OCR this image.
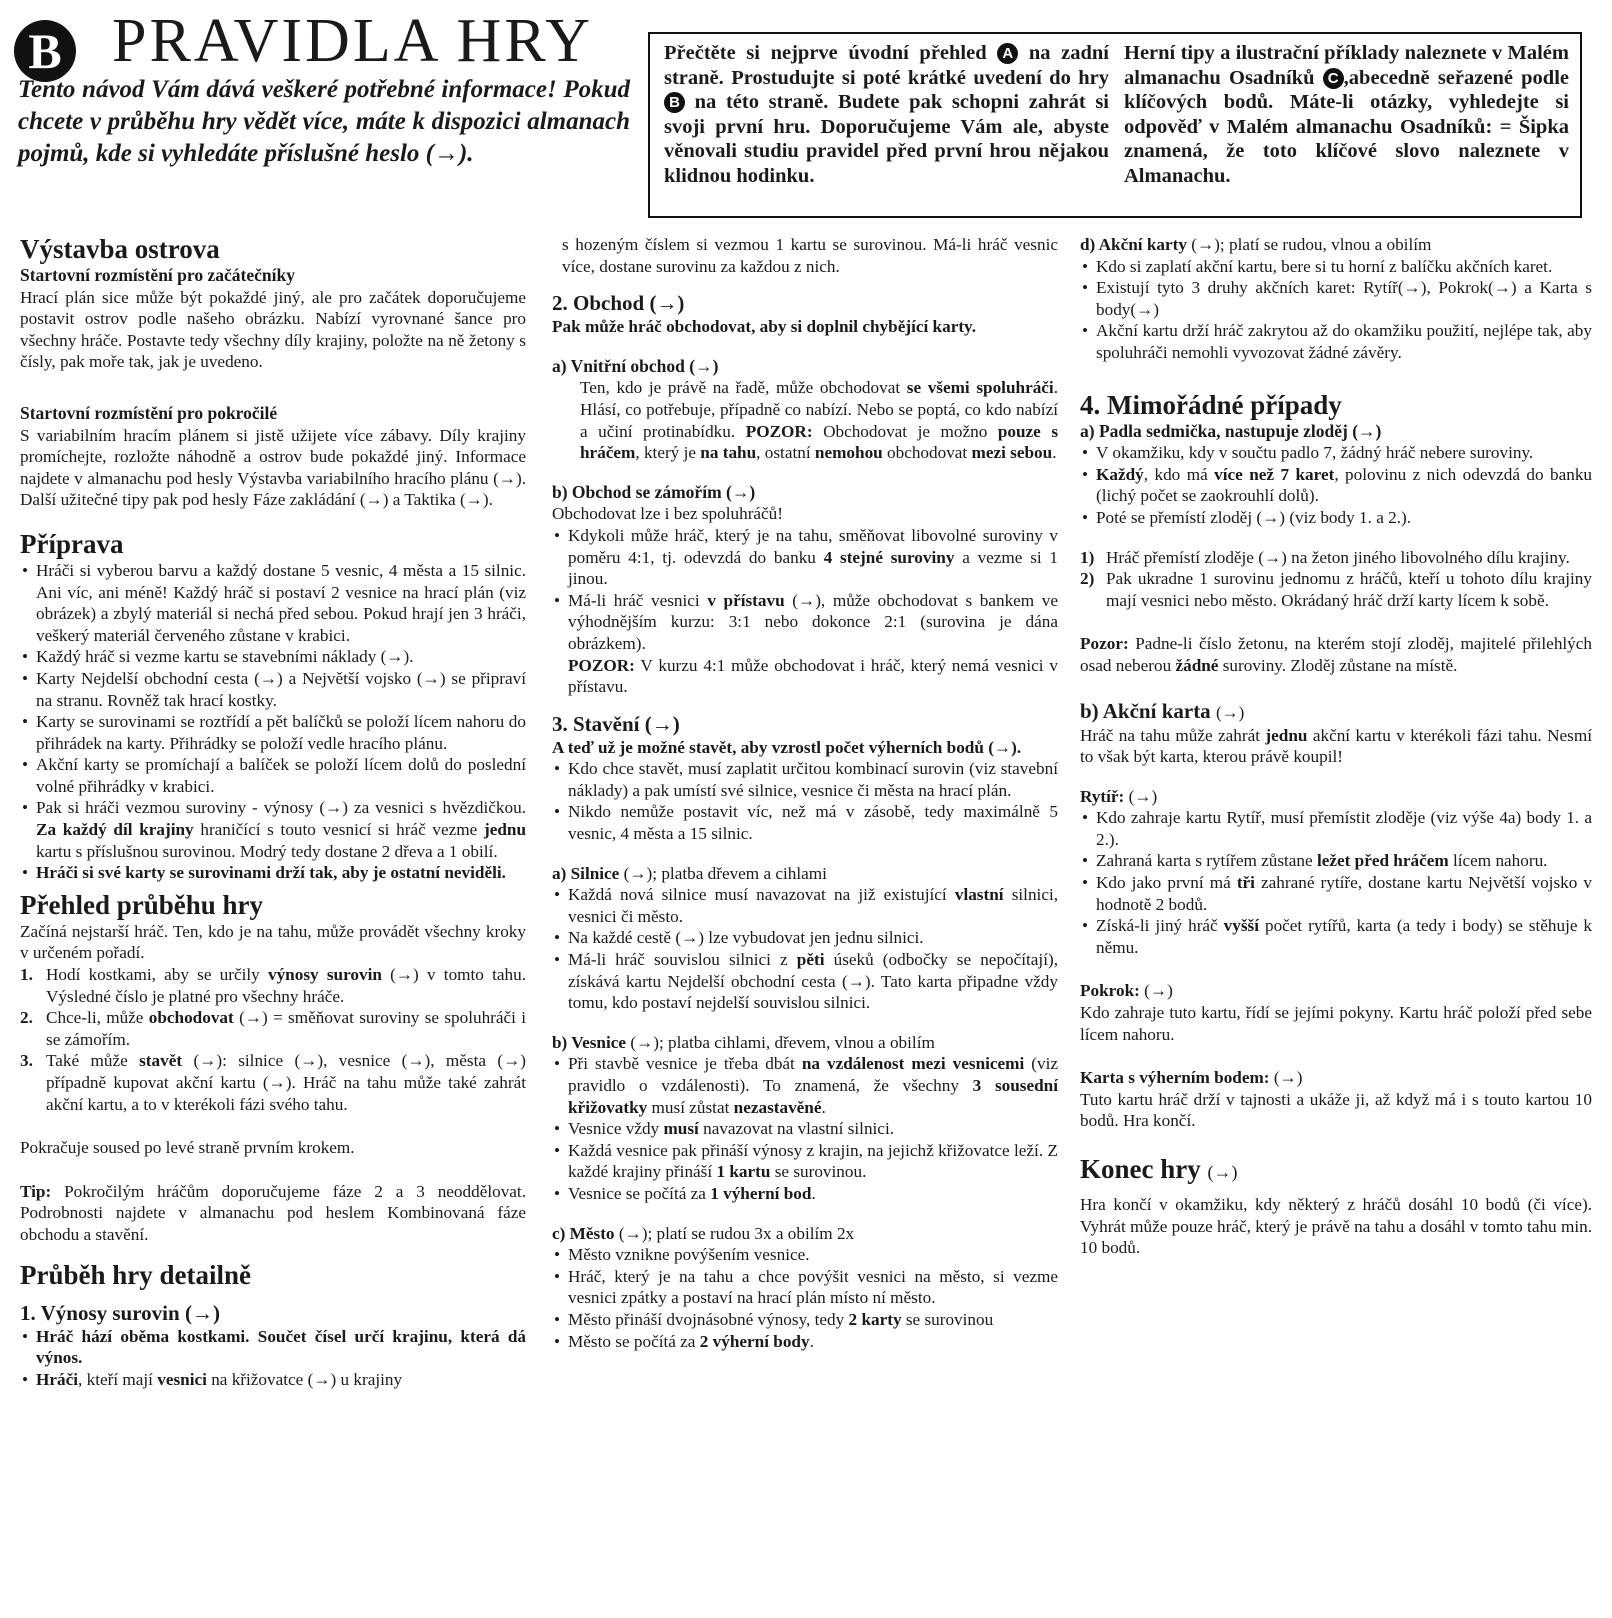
B PRAVIDLA HRY

Tento návod Vám dává veškeré potřebné informace! Pokud chcete v průběhu hry vědět více, máte k dispozici almanach pojmů, kde si vyhledáte příslušné heslo (→).

Přečtěte si nejprve úvodní přehled A na zadní straně. Prostudujte si poté krátké uvedení do hry B na této straně. Budete pak schopni zahrát si svoji první hru. Doporučujeme Vám ale, abyste věnovali studiu pravidel před první hrou nějakou klidnou hodinku.
Herní tipy a ilustrační příklady naleznete v Malém almanachu Osadníků C ,abecedně seřazené podle klíčových bodů. Máte-li otázky, vyhledejte si odpověď v Malém almanachu Osadníků: = Šipka znamená, že toto klíčové slovo naleznete v Almanachu.
Výstavba ostrova

Startovní rozmístění pro začátečníky

Hrací plán sice může být pokaždé jiný, ale pro začátek doporučujeme postavit ostrov podle našeho obrázku. Nabízí vyrovnané šance pro všechny hráče. Postavte tedy všechny díly krajiny, položte na ně žetony s čísly, pak moře tak, jak je uvedeno.

Startovní rozmístění pro pokročilé

S variabilním hracím plánem si jistě užijete více zábavy. Díly krajiny promíchejte, rozložte náhodně a ostrov bude pokaždé jiný. Informace najdete v almanachu pod hesly Výstavba variabilního hracího plánu (→). Další užitečné tipy pak pod hesly Fáze zakládání (→) a Taktika (→).

Příprava
• Hráči si vyberou barvu a každý dostane 5 vesnic, 4 města a 15 silnic. Ani víc, ani méně! Každý hráč si postaví 2 vesnice na hrací plán (viz obrázek) a zbylý materiál si nechá před sebou. Pokud hrají jen 3 hráči, veškerý materiál červeného zůstane v krabici.
• Každý hráč si vezme kartu se stavebními náklady (→).
• Karty Nejdelší obchodní cesta (→) a Největší vojsko (→) se připraví na stranu. Rovněž tak hrací kostky.
• Karty se surovinami se roztřídí a pět balíčků se položí lícem nahoru do přihrádek na karty. Přihrádky se položí vedle hracího plánu.
• Akční karty se promíchají a balíček se položí lícem dolů do poslední volné přihrádky v krabici.
• Pak si hráči vezmou suroviny - výnosy (→) za vesnici s hvězdičkou. Za každý díl krajiny hraničící s touto vesnicí si hráč vezme jednu kartu s příslušnou surovinou. Modrý tedy dostane 2 dřeva a 1 obilí.
• Hráči si své karty se surovinami drží tak, aby je ostatní neviděli.
Přehled průběhu hry

Začíná nejstarší hráč. Ten, kdo je na tahu, může provádět všechny kroky v určeném pořadí.

1. Hodí kostkami, aby se určily výnosy surovin (→) v tomto tahu. Výsledné číslo je platné pro všechny hráče.
2. Chce-li, může obchodovat (→) = směňovat suroviny se spoluhráči i se zámořím.
3. Také může stavět (→): silnice (→), vesnice (→), města (→) případně kupovat akční kartu (→). Hráč na tahu může také zahrát akční kartu, a to v kterékoli fázi svého tahu.

Pokračuje soused po levé straně prvním krokem.

Tip: Pokročilým hráčům doporučujeme fáze 2 a 3 neoddělovat. Podrobnosti najdete v almanachu pod heslem Kombinovaná fáze obchodu a stavění.

Průběh hry detailně
1. Výnosy surovin (→)
• Hráč hází oběma kostkami. Součet čísel určí krajinu, která dá výnos.
• Hráči, kteří mají vesnici na křižovatce (→) u krajiny

s hozeným číslem si vezmou 1 kartu se surovinou. Má-li hráč vesnic více, dostane surovinu za každou z nich.

2. Obchod (→)

Pak může hráč obchodovat, aby si doplnil chybějící karty.

a) Vnitřní obchod (→)

Ten, kdo je právě na řadě, může obchodovat se všemi spoluhráči. Hlásí, co potřebuje, případně co nabízí. Nebo se poptá, co kdo nabízí a učiní protinabídku. POZOR: Obchodovat je možno pouze s hráčem, který je na tahu, ostatní nemohou obchodovat mezi sebou.

b) Obchod se zámořím (→)

Obchodovat lze i bez spoluhráčů!

• Kdykoli může hráč, který je na tahu, směňovat libovolné suroviny v poměru 4:1, tj. odevzdá do banku 4 stejné suroviny a vezme si 1 jinou.
• Má-li hráč vesnici v přístavu (→), může obchodovat s bankem ve výhodnějším kurzu: 3:1 nebo dokonce 2:1 (surovina je dána obrázkem).

POZOR: V kurzu 4:1 může obchodovat i hráč, který nemá vesnici v přístavu.

3. Stavění (→)

A teď už je možné stavět, aby vzrostl počet výherních bodů (→).

• Kdo chce stavět, musí zaplatit určitou kombinací surovin (viz stavební náklady) a pak umístí své silnice, vesnice či města na hrací plán.
• Nikdo nemůže postavit víc, než má v zásobě, tedy maximálně 5 vesnic, 4 města a 15 silnic.

a) Silnice (→); platba dřevem a cihlami

• Každá nová silnice musí navazovat na již existující vlastní silnici, vesnici či město.
• Na každé cestě (→) lze vybudovat jen jednu silnici.
• Má-li hráč souvislou silnici z pěti úseků (odbočky se nepočítají), získává kartu Nejdelší obchodní cesta (→). Tato karta připadne vždy tomu, kdo postaví nejdelší souvislou silnici.

b) Vesnice (→); platba cihlami, dřevem, vlnou a obilím

• Při stavbě vesnice je třeba dbát na vzdálenost mezi vesnicemi (viz pravidlo o vzdálenosti). To znamená, že všechny 3 sousední křižovatky musí zůstat nezastavěné.
• Vesnice vždy musí navazovat na vlastní silnici.
• Každá vesnice pak přináší výnosy z krajin, na jejichž křižovatce leží. Z každé krajiny přináší 1 kartu se surovinou.
• Vesnice se počítá za 1 výherní bod.

c) Město (→); platí se rudou 3x a obilím 2x

• Město vznikne povýšením vesnice.
• Hráč, který je na tahu a chce povýšit vesnici na město, si vezme vesnici zpátky a postaví na hrací plán místo ní město.
• Město přináší dvojnásobné výnosy, tedy 2 karty se surovinou
• Město se počítá za 2 výherní body.

d) Akční karty (→); platí se rudou, vlnou a obilím

• Kdo si zaplatí akční kartu, bere si tu horní z balíčku akčních karet.
• Existují tyto 3 druhy akčních karet: Rytíř(→), Pokrok(→) a Karta s body(→)
• Akční kartu drží hráč zakrytou až do okamžiku použití, nejlépe tak, aby spoluhráči nemohli vyvozovat žádné závěry.
4. Mimořádné případy

a) Padla sedmička, nastupuje zloděj (→)

• V okamžiku, kdy v součtu padlo 7, žádný hráč nebere suroviny.
• Každý, kdo má více než 7 karet, polovinu z nich odevzdá do banku (lichý počet se zaokrouhlí dolů).
• Poté se přemístí zloděj (→) (viz body 1. a 2.).
1) Hráč přemístí zloděje (→) na žeton jiného libovolného dílu krajiny.
2) Pak ukradne 1 surovinu jednomu z hráčů, kteří u tohoto dílu krajiny mají vesnici nebo město. Okrádaný hráč drží karty lícem k sobě.

Pozor: Padne-li číslo žetonu, na kterém stojí zloděj, majitelé přilehlých osad neberou žádné suroviny. Zloděj zůstane na místě.

b) Akční karta (→)

Hráč na tahu může zahrát jednu akční kartu v kterékoli fázi tahu. Nesmí to však být karta, kterou právě koupil!

Rytíř: (→)

• Kdo zahraje kartu Rytíř, musí přemístit zloděje (viz výše 4a) body 1. a 2.).
• Zahraná karta s rytířem zůstane ležet před hráčem lícem nahoru.
• Kdo jako první má tři zahrané rytíře, dostane kartu Největší vojsko v hodnotě 2 bodů.
• Získá-li jiný hráč vyšší počet rytířů, karta (a tedy i body) se stěhuje k němu.

Pokrok: (→)

Kdo zahraje tuto kartu, řídí se jejími pokyny. Kartu hráč položí před sebe lícem nahoru.

Karta s výherním bodem: (→)

Tuto kartu hráč drží v tajnosti a ukáže ji, až když má i s touto kartou 10 bodů. Hra končí.

Konec hry (→)

Hra končí v okamžiku, kdy některý z hráčů dosáhl 10 bodů (či více). Vyhrát může pouze hráč, který je právě na tahu a dosáhl v tomto tahu min. 10 bodů.
